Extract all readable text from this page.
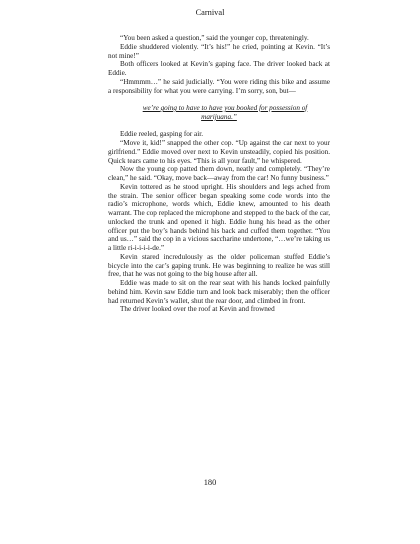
Carnival

“You been asked a question,” said the younger cop, threateningly.

Eddie shuddered violently. “It’s his!” he cried, pointing at Kevin. “It’s not mine!”

Both officers looked at Kevin’s gaping face. The driver looked back at Eddie.

“Hmmmm…” he said judicially. “You were riding this bike and assume a responsibility for what you were carrying. I’m sorry, son, but—

we’re going to have to have you booked for possession of marijuana.”

Eddie reeled, gasping for air.

“Move it, kid!” snapped the other cop. “Up against the car next to your girlfriend.” Eddie moved over next to Kevin unsteadily, copied his position. Quick tears came to his eyes. “This is all your fault,” he whispered.

Now the young cop patted them down, neatly and completely. “They’re clean,” he said. “Okay, move back—away from the car! No funny business.”

Kevin tottered as he stood upright. His shoulders and legs ached from the strain. The senior officer began speaking some code words into the radio’s microphone, words which, Eddie knew, amounted to his death warrant. The cop replaced the microphone and stepped to the back of the car, unlocked the trunk and opened it high. Eddie hung his head as the other officer put the boy’s hands behind his back and cuffed them together. “You and us…” said the cop in a vicious saccharine undertone, “…we’re taking us a little ri-i-i-i-i-de.”

Kevin stared incredulously as the older policeman stuffed Eddie’s bicycle into the car’s gaping trunk. He was beginning to realize he was still free, that he was not going to the big house after all.

Eddie was made to sit on the rear seat with his hands locked painfully behind him. Kevin saw Eddie turn and look back miserably; then the officer had returned Kevin’s wallet, shut the rear door, and climbed in front.

The driver looked over the roof at Kevin and frowned

180
